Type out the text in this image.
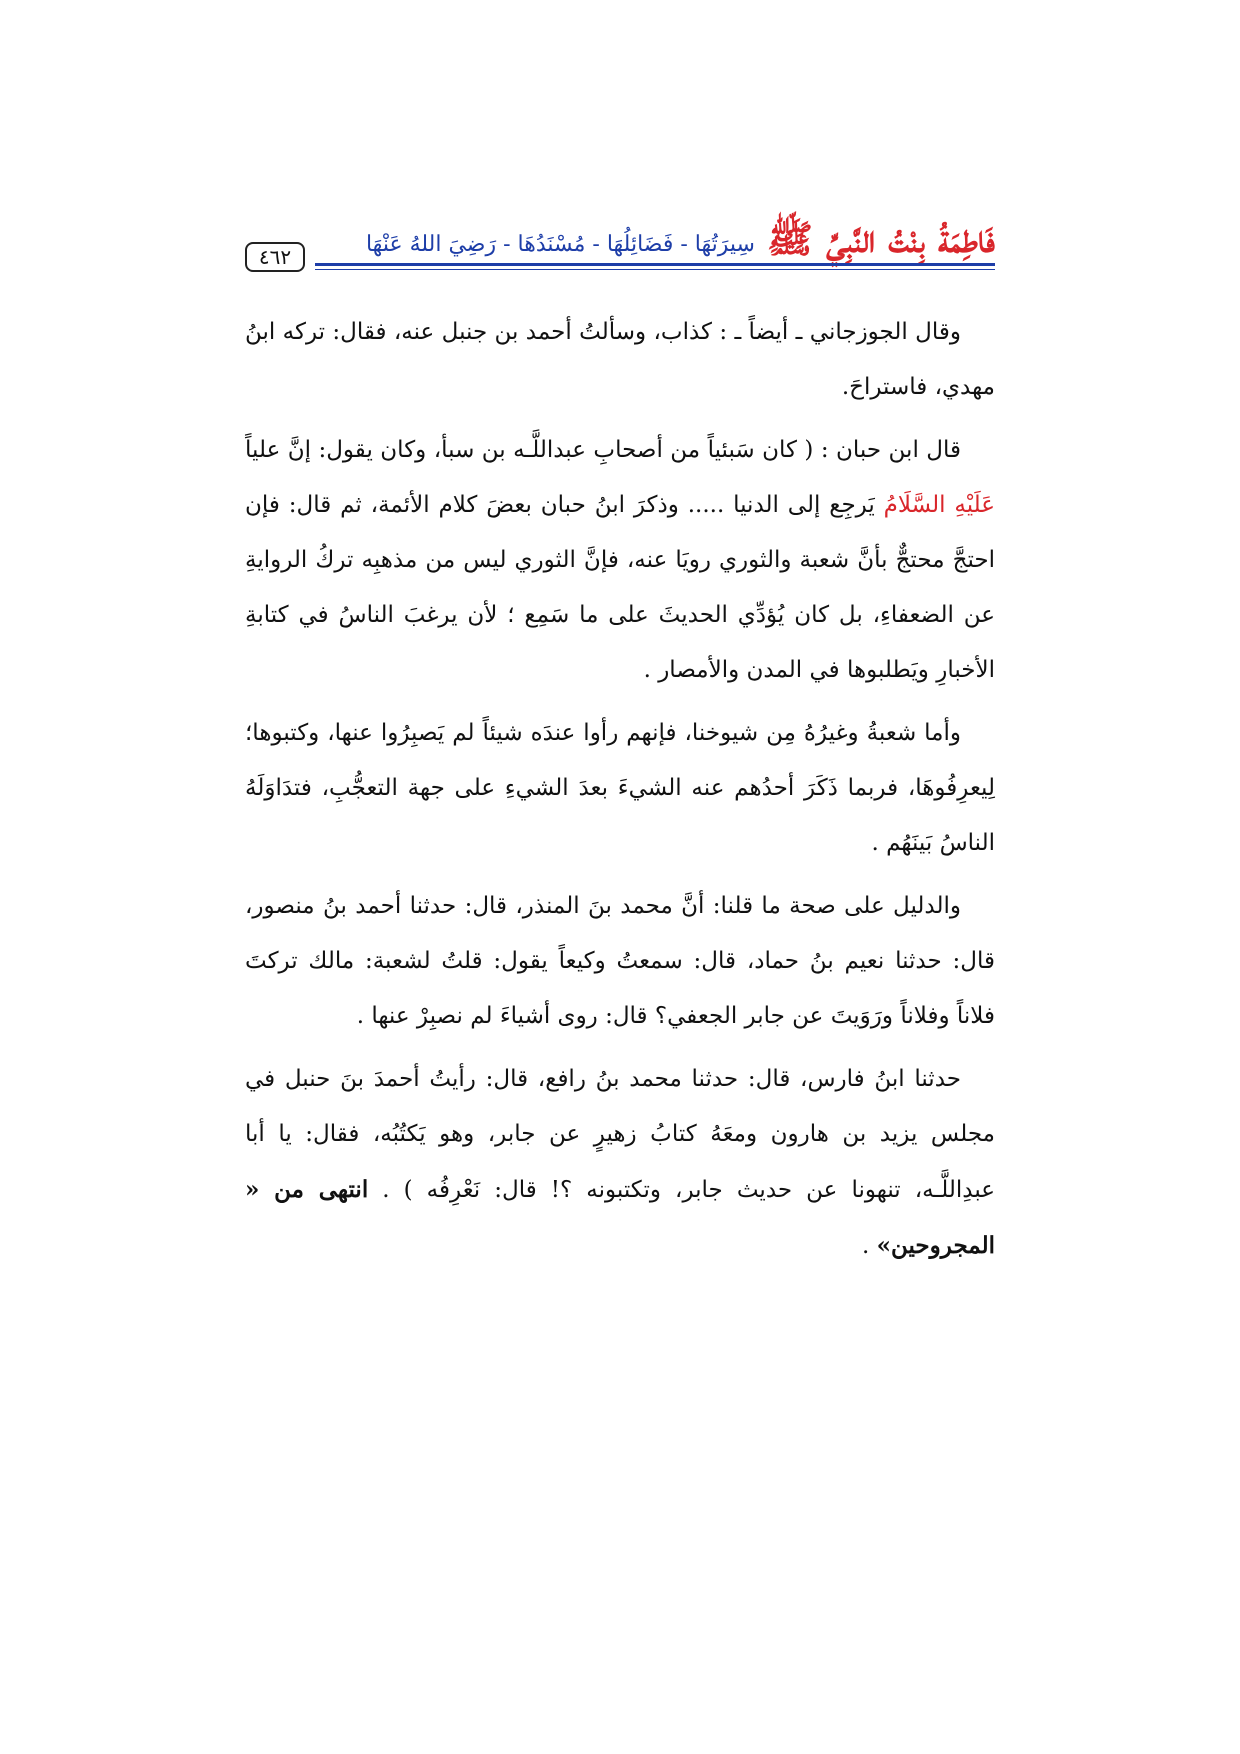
٤٦٢	فَاطِمَةُ بِنْتُ النَّبِيِّ ﷺ
سِيرَتُهَا - فَضَائِلُهَا - مُسْنَدُهَا - رَضِيَ اللهُ عَنْهَا

وقال الجوزجاني ـ أيضاً ـ : كذاب، وسألتُ أحمد بن جنبل عنه، فقال: تركه ابنُ مهدي، فاستراحَ.

قال ابن حبان : ( كان سَبئياً من أصحابِ عبداللَّـه بن سبأ، وكان يقول: إنَّ علياً عَلَيْهِ السَّلَامُ يَرجِع إلى الدنيا ..... وذكرَ ابنُ حبان بعضَ كلام الأئمة، ثم قال: فإن احتجَّ محتجٌّ بأنَّ شعبة والثوري رويَا عنه، فإنَّ الثوري ليس من مذهبِه تركُ الروايةِ عن الضعفاءِ، بل كان يُؤدِّي الحديثَ على ما سَمِع ؛ لأن يرغبَ الناسُ في كتابةِ الأخبارِ ويَطلبوها في المدن والأمصار .

وأما شعبةُ وغيرُهُ مِن شيوخنا، فإنهم رأوا عندَه شيئاً لم يَصبِرُوا عنها، وكتبوها؛ لِيعرِفُوهَا، فربما ذَكَرَ أحدُهم عنه الشيءَ بعدَ الشيءِ على جهة التعجُّبِ، فتدَاوَلَهُ الناسُ بَينَهُم .

والدليل على صحة ما قلنا: أنَّ محمد بنَ المنذر، قال: حدثنا أحمد بنُ منصور، قال: حدثنا نعيم بنُ حماد، قال: سمعتُ وكيعاً يقول: قلتُ لشعبة: مالك تركتَ فلاناً وفلاناً ورَوَيتَ عن جابر الجعفي؟ قال: روى أشياءَ لم نصبِرْ عنها .

حدثنا ابنُ فارس، قال: حدثنا محمد بنُ رافع، قال: رأيتُ أحمدَ بنَ حنبل في مجلس يزيد بن هارون ومعَهُ كتابُ زهيرٍ عن جابر، وهو يَكتُبُه، فقال: يا أبا عبدِاللَّـه، تنهونا عن حديث جابر، وتكتبونه ؟! قال: نَعْرِفُه ) . انتهى من « المجروحين» .
